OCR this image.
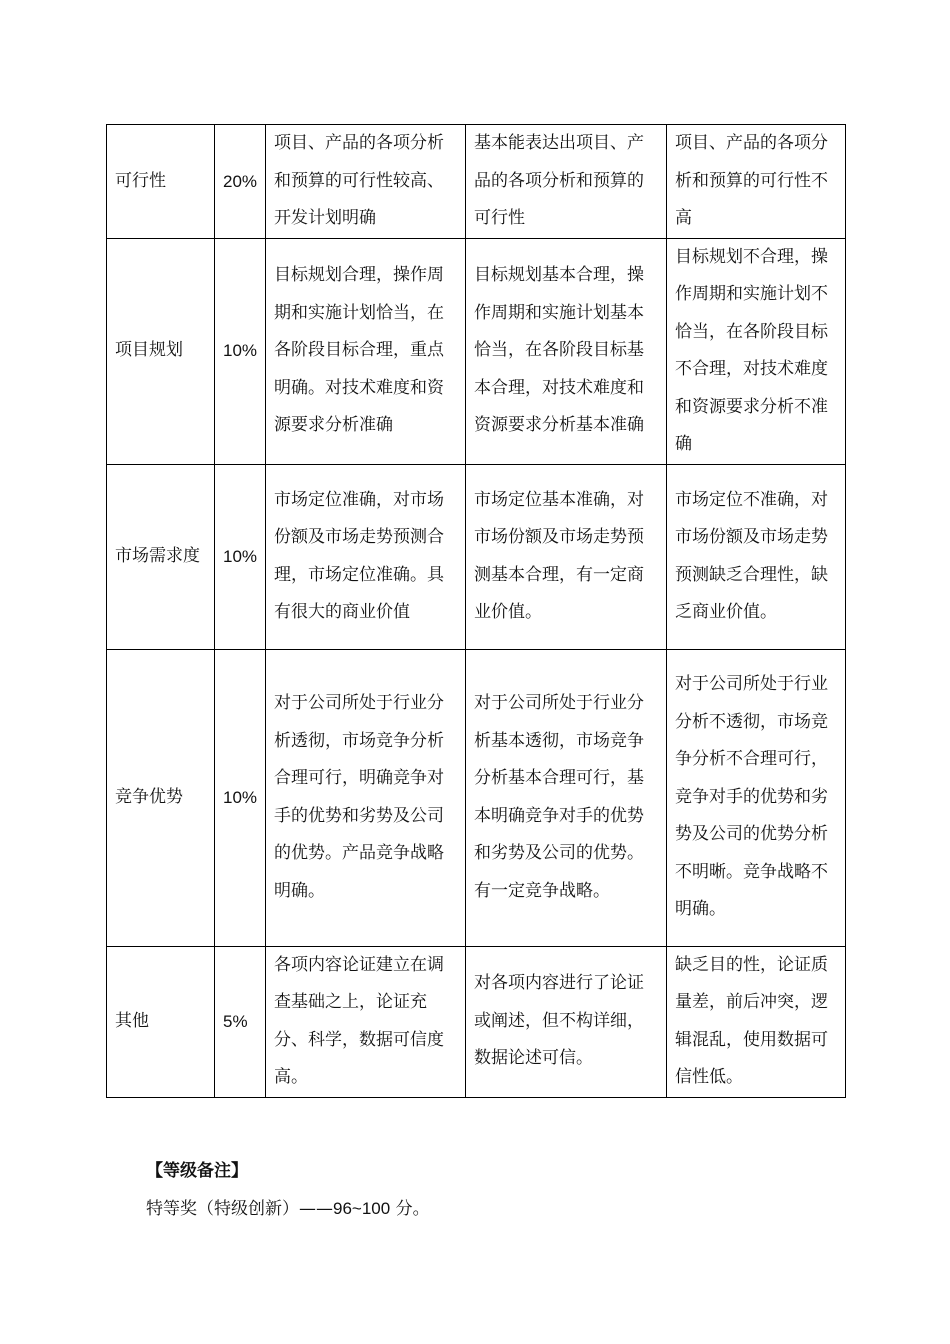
可行性	20%	项目、产品的各项分析和预算的可行性较高、开发计划明确	基本能表达出项目、产品的各项分析和预算的可行性	项目、产品的各项分析和预算的可行性不高
项目规划	10%	目标规划合理，操作周期和实施计划恰当，在各阶段目标合理，重点明确。对技术难度和资源要求分析准确	目标规划基本合理，操作周期和实施计划基本恰当，在各阶段目标基本合理，对技术难度和资源要求分析基本准确	目标规划不合理，操作周期和实施计划不恰当，在各阶段目标不合理，对技术难度和资源要求分析不准确
市场需求度	10%	市场定位准确，对市场份额及市场走势预测合理，市场定位准确。具有很大的商业价值	市场定位基本准确，对市场份额及市场走势预测基本合理，有一定商业价值。	市场定位不准确，对市场份额及市场走势预测缺乏合理性，缺乏商业价值。
竞争优势	10%	对于公司所处于行业分析透彻，市场竞争分析合理可行，明确竞争对手的优势和劣势及公司的优势。产品竞争战略明确。	对于公司所处于行业分析基本透彻，市场竞争分析基本合理可行，基本明确竞争对手的优势和劣势及公司的优势。有一定竞争战略。	对于公司所处于行业分析不透彻，市场竞争分析不合理可行，竞争对手的优势和劣势及公司的优势分析不明晰。竞争战略不明确。
其他	5%	各项内容论证建立在调查基础之上，论证充分、科学，数据可信度高。	对各项内容进行了论证或阐述，但不构详细，数据论述可信。	缺乏目的性，论证质量差，前后冲突，逻辑混乱，使用数据可信性低。
【等级备注】
特等奖（特级创新）——96~100 分。
